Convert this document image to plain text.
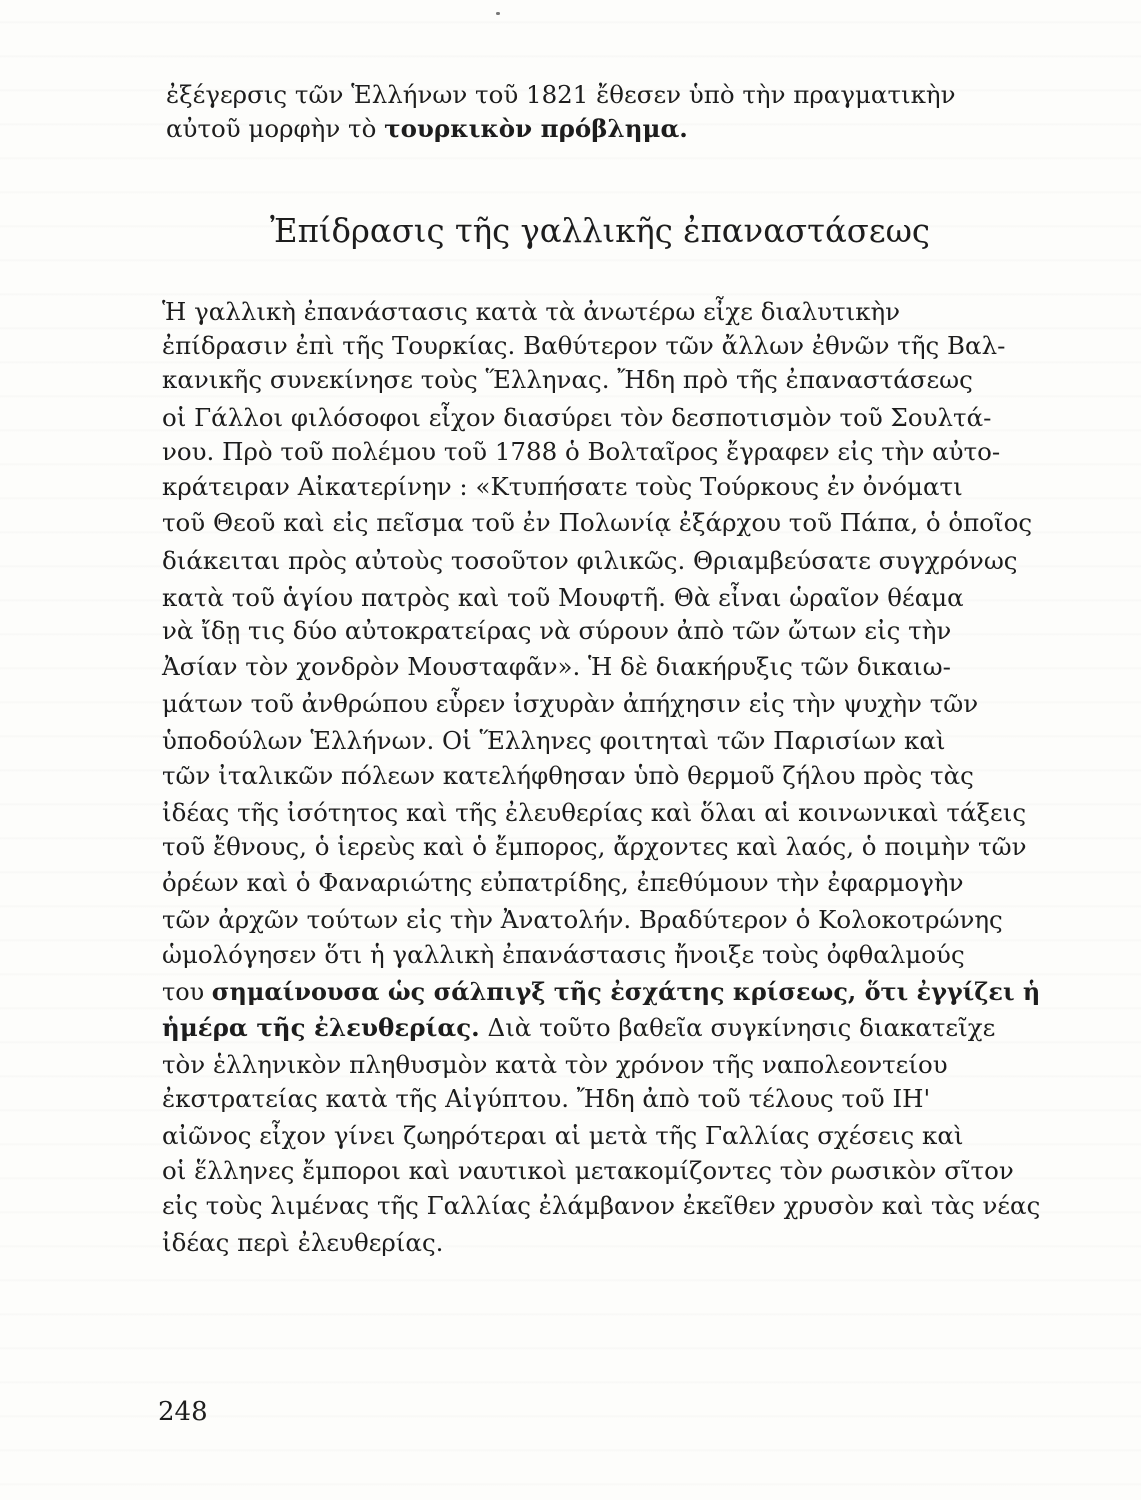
ἐξέγερσις τῶν Ἑλλήνων τοῦ 1821 ἔθεσεν ὑπὸ τὴν πραγματικὴν
αὐτοῦ μορφὴν τὸ τουρκικὸν πρόβλημα.
Ἐπίδρασις τῆς γαλλικῆς ἐπαναστάσεως
Ἡ γαλλικὴ ἐπανάστασις κατὰ τὰ ἀνωτέρω εἶχε διαλυτικὴν
ἐπίδρασιν ἐπὶ τῆς Τουρκίας. Βαθύτερον τῶν ἄλλων ἐθνῶν τῆς Βαλ-
κανικῆς συνεκίνησε τοὺς Ἕλληνας. Ἤδη πρὸ τῆς ἐπαναστάσεως
οἱ Γάλλοι φιλόσοφοι εἶχον διασύρει τὸν δεσποτισμὸν τοῦ Σουλτά-
νου. Πρὸ τοῦ πολέμου τοῦ 1788 ὁ Βολταῖρος ἔγραφεν εἰς τὴν αὐτο-
κράτειραν Αἰκατερίνην : «Κτυπήσατε τοὺς Τούρκους ἐν ὀνόματι
τοῦ Θεοῦ καὶ εἰς πεῖσμα τοῦ ἐν Πολωνίᾳ ἐξάρχου τοῦ Πάπα, ὁ ὁποῖος
διάκειται πρὸς αὐτοὺς τοσοῦτον φιλικῶς. Θριαμβεύσατε συγχρόνως
κατὰ τοῦ ἁγίου πατρὸς καὶ τοῦ Μουφτῆ. Θὰ εἶναι ὡραῖον θέαμα
νὰ ἴδῃ τις δύο αὐτοκρατείρας νὰ σύρουν ἀπὸ τῶν ὤτων εἰς τὴν
Ἀσίαν τὸν χονδρὸν Μουσταφᾶν». Ἡ δὲ διακήρυξις τῶν δικαιω-
μάτων τοῦ ἀνθρώπου εὗρεν ἰσχυρὰν ἀπήχησιν εἰς τὴν ψυχὴν τῶν
ὑποδούλων Ἑλλήνων. Οἱ Ἕλληνες φοιτηταὶ τῶν Παρισίων καὶ
τῶν ἰταλικῶν πόλεων κατελήφθησαν ὑπὸ θερμοῦ ζήλου πρὸς τὰς
ἰδέας τῆς ἰσότητος καὶ τῆς ἐλευθερίας καὶ ὅλαι αἱ κοινωνικαὶ τάξεις
τοῦ ἔθνους, ὁ ἱερεὺς καὶ ὁ ἔμπορος, ἄρχοντες καὶ λαός, ὁ ποιμὴν τῶν
ὀρέων καὶ ὁ Φαναριώτης εὐπατρίδης, ἐπεθύμουν τὴν ἐφαρμογὴν
τῶν ἀρχῶν τούτων εἰς τὴν Ἀνατολήν. Βραδύτερον ὁ Κολοκοτρώνης
ὡμολόγησεν ὅτι ἡ γαλλικὴ ἐπανάστασις ἤνοιξε τοὺς ὀφθαλμούς
του σημαίνουσα ὡς σάλπιγξ τῆς ἐσχάτης κρίσεως, ὅτι ἐγγίζει ἡ
ἡμέρα τῆς ἐλευθερίας. Διὰ τοῦτο βαθεῖα συγκίνησις διακατεῖχε
τὸν ἑλληνικὸν πληθυσμὸν κατὰ τὸν χρόνον τῆς ναπολεοντείου
ἐκστρατείας κατὰ τῆς Αἰγύπτου. Ἤδη ἀπὸ τοῦ τέλους τοῦ ΙΗ'
αἰῶνος εἶχον γίνει ζωηρότεραι αἱ μετὰ τῆς Γαλλίας σχέσεις καὶ
οἱ ἕλληνες ἔμποροι καὶ ναυτικοὶ μετακομίζοντες τὸν ρωσικὸν σῖτον
εἰς τοὺς λιμένας τῆς Γαλλίας ἐλάμβανον ἐκεῖθεν χρυσὸν καὶ τὰς νέας
ἰδέας περὶ ἐλευθερίας.
248
